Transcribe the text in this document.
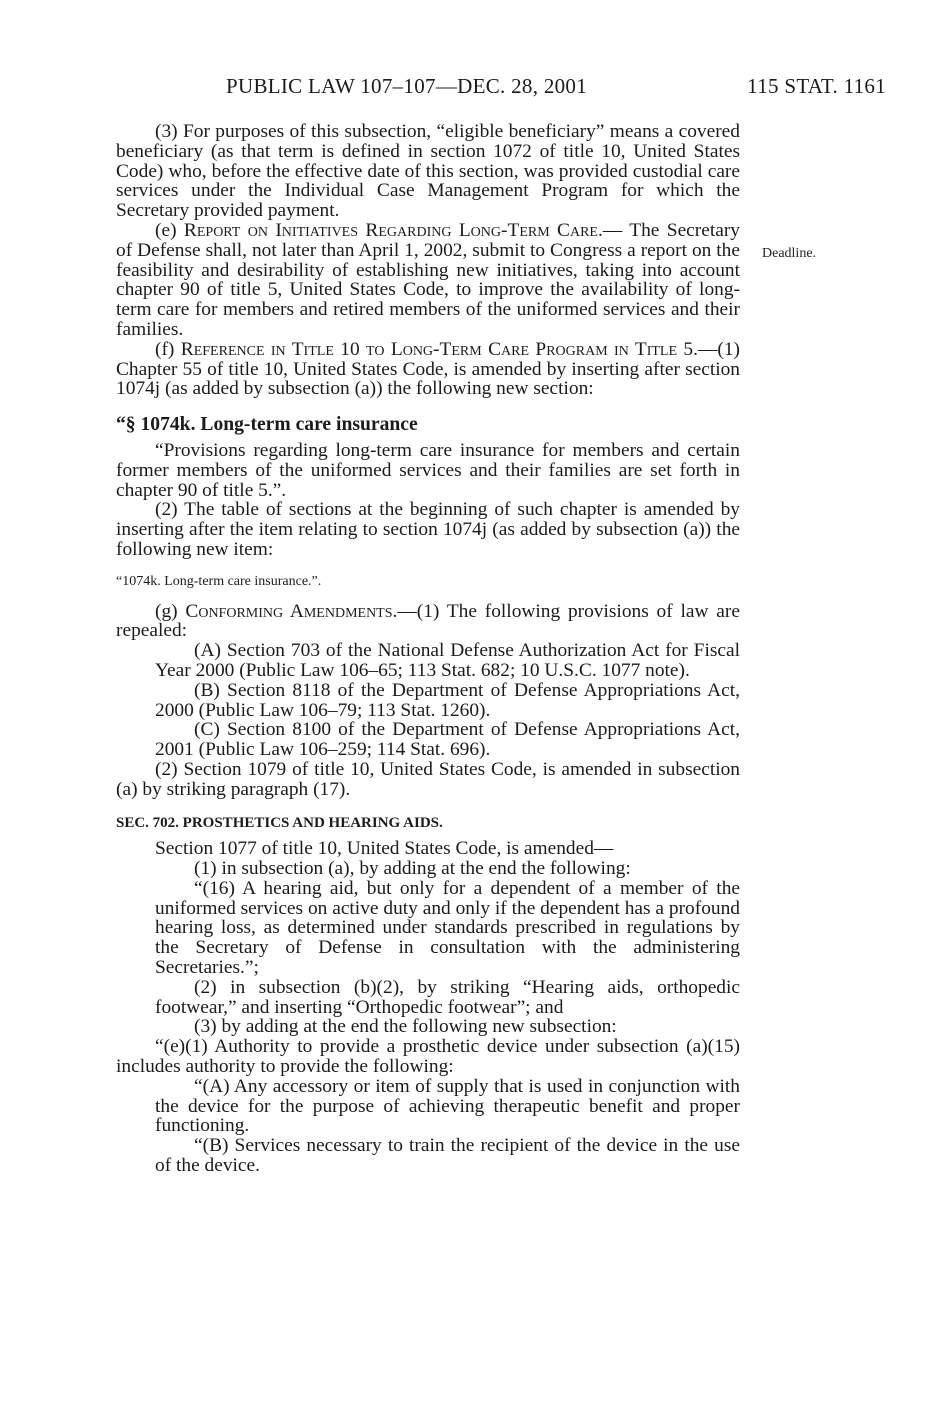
PUBLIC LAW 107–107—DEC. 28, 2001	115 STAT. 1161
Deadline.

(3) For purposes of this subsection, “eligible beneficiary” means a covered beneficiary (as that term is defined in section 1072 of title 10, United States Code) who, before the effective date of this section, was provided custodial care services under the Individual Case Management Program for which the Secretary provided payment.

(e) Report on Initiatives Regarding Long-Term Care.— The Secretary of Defense shall, not later than April 1, 2002, submit to Congress a report on the feasibility and desirability of establishing new initiatives, taking into account chapter 90 of title 5, United States Code, to improve the availability of long-term care for members and retired members of the uniformed services and their families.

(f) Reference in Title 10 to Long-Term Care Program in Title 5.—(1) Chapter 55 of title 10, United States Code, is amended by inserting after section 1074j (as added by subsection (a)) the following new section:

“§ 1074k. Long-term care insurance

“Provisions regarding long-term care insurance for members and certain former members of the uniformed services and their families are set forth in chapter 90 of title 5.”.

(2) The table of sections at the beginning of such chapter is amended by inserting after the item relating to section 1074j (as added by subsection (a)) the following new item:

“1074k. Long-term care insurance.”.

(g) Conforming Amendments.—(1) The following provisions of law are repealed:

(A) Section 703 of the National Defense Authorization Act for Fiscal Year 2000 (Public Law 106–65; 113 Stat. 682; 10 U.S.C. 1077 note).

(B) Section 8118 of the Department of Defense Appropriations Act, 2000 (Public Law 106–79; 113 Stat. 1260).

(C) Section 8100 of the Department of Defense Appropriations Act, 2001 (Public Law 106–259; 114 Stat. 696).

(2) Section 1079 of title 10, United States Code, is amended in subsection (a) by striking paragraph (17).

SEC. 702. PROSTHETICS AND HEARING AIDS.

Section 1077 of title 10, United States Code, is amended—

(1) in subsection (a), by adding at the end the following:

“(16) A hearing aid, but only for a dependent of a member of the uniformed services on active duty and only if the dependent has a profound hearing loss, as determined under standards prescribed in regulations by the Secretary of Defense in consultation with the administering Secretaries.”;

(2) in subsection (b)(2), by striking “Hearing aids, orthopedic footwear,” and inserting “Orthopedic footwear”; and

(3) by adding at the end the following new subsection:

“(e)(1) Authority to provide a prosthetic device under subsection (a)(15) includes authority to provide the following:

“(A) Any accessory or item of supply that is used in conjunction with the device for the purpose of achieving therapeutic benefit and proper functioning.

“(B) Services necessary to train the recipient of the device in the use of the device.
